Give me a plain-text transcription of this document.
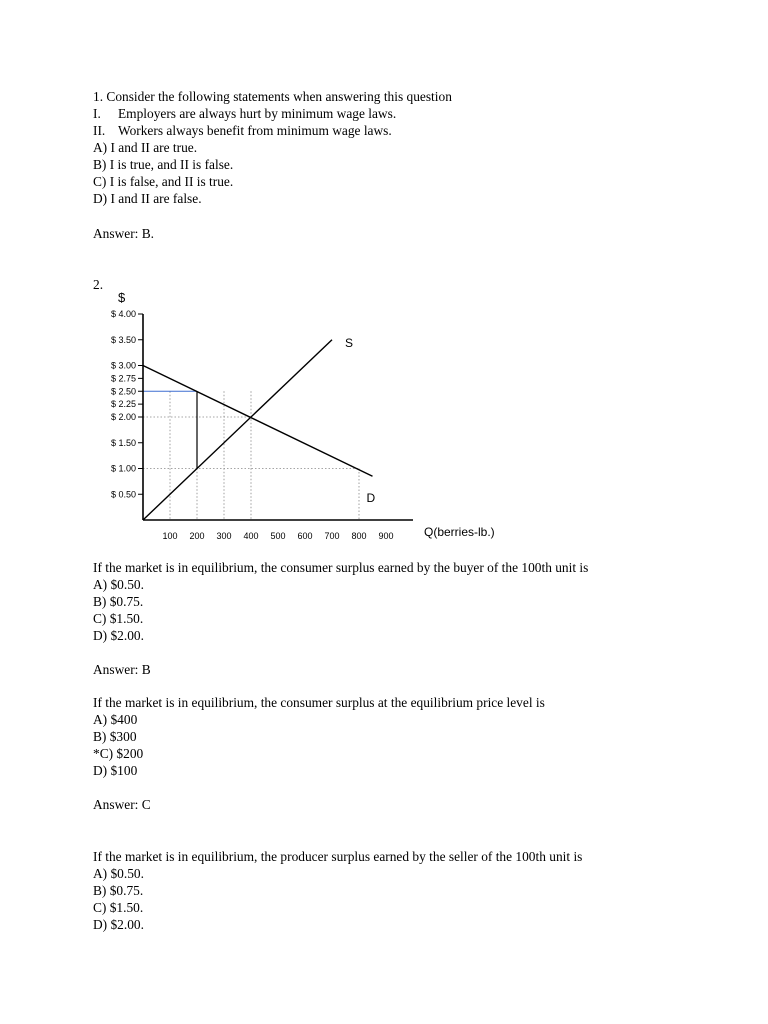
1. Consider the following statements when answering this question
I. Employers are always hurt by minimum wage laws.
II. Workers always benefit from minimum wage laws.
A) I and II are true.
B) I is true, and II is false.
C) I is false, and II is true.
D) I and II are false.
Answer: B.
2.
$
Q(berries-lb.)
$ 4.00
$ 3.50
$ 3.00
$ 2.75
$ 2.50
$ 2.25
$ 2.00
$ 1.50
$ 1.00
$ 0.50
100 200 300 400 500 600 700 800 900
S
D
If the market is in equilibrium, the consumer surplus earned by the buyer of the 100th unit is
A) $0.50.
B) $0.75.
C) $1.50.
D) $2.00.
Answer: B
If the market is in equilibrium, the consumer surplus at the equilibrium price level is
A) $400
B) $300
*C) $200
D) $100
Answer: C
If the market is in equilibrium, the producer surplus earned by the seller of the 100th unit is
A) $0.50.
B) $0.75.
C) $1.50.
D) $2.00.
